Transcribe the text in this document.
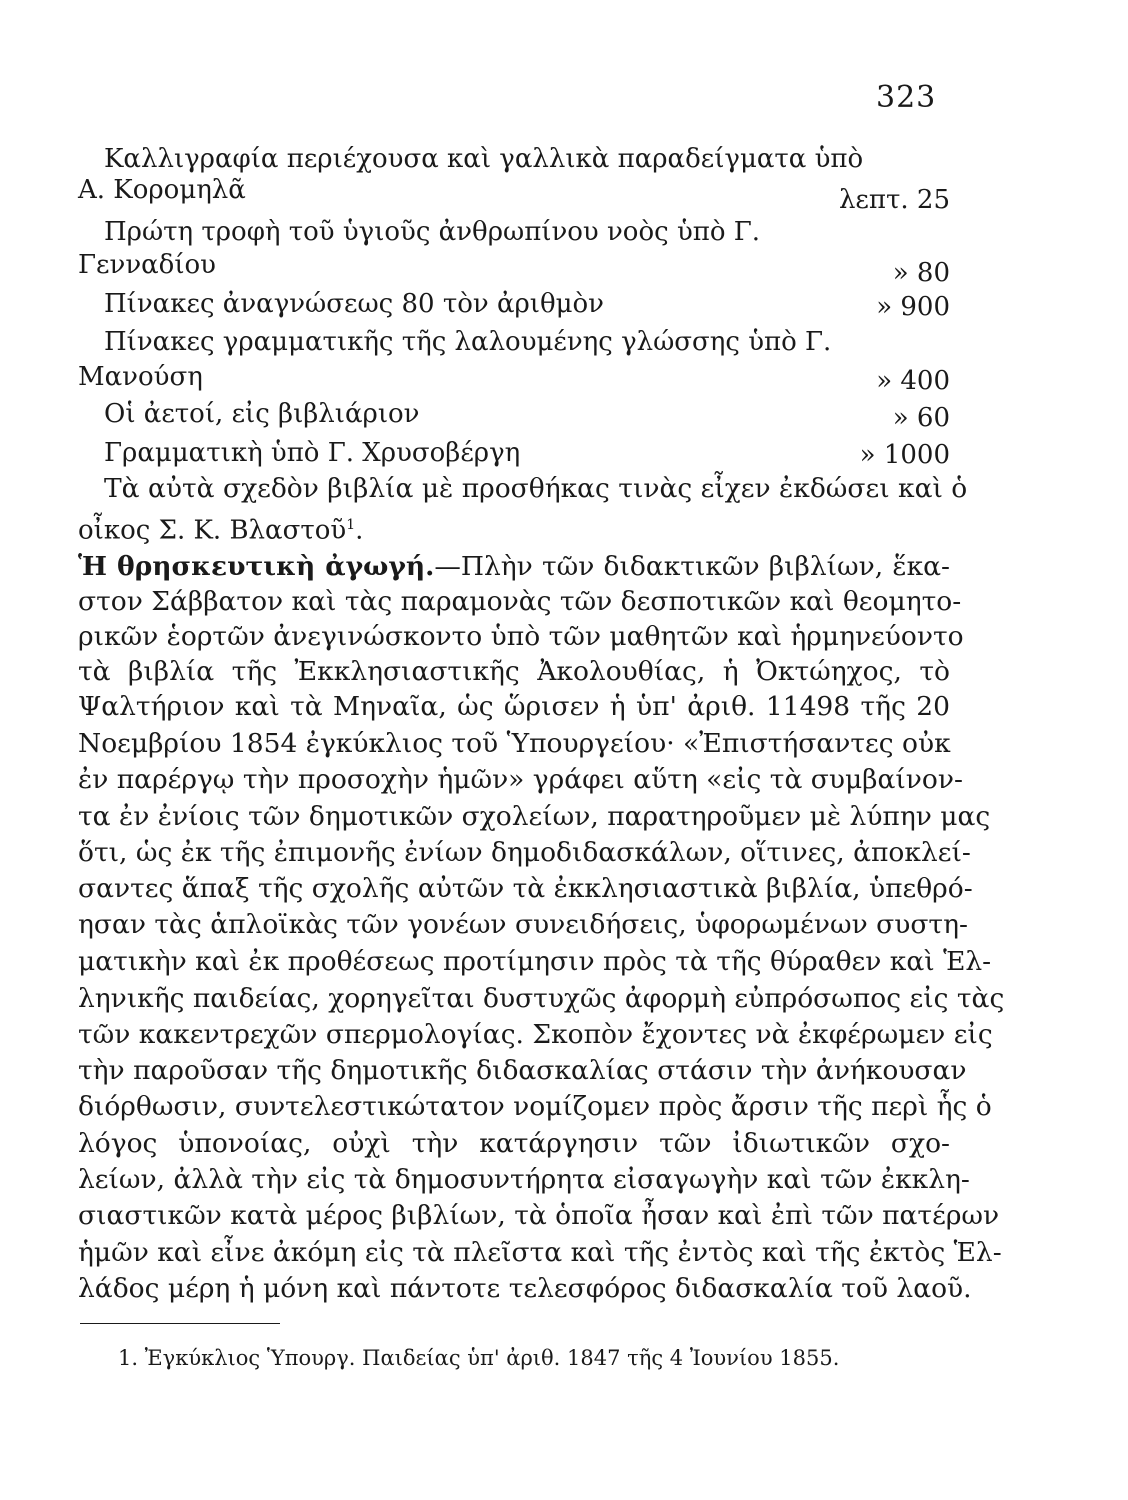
323
Καλλιγραφία περιέχουσα καὶ γαλλικὰ παραδείγματα ὑπὸ
Α. Κορομηλᾶ	λεπτ. 25
Πρώτη τροφὴ τοῦ ὑγιοῦς ἀνθρωπίνου νοὸς ὑπὸ Γ.
Γενναδίου	» 80
Πίνακες ἀναγνώσεως 80 τὸν ἀριθμὸν	» 900
Πίνακες γραμματικῆς τῆς λαλουμένης γλώσσης ὑπὸ Γ.
Μανούση	» 400
Οἱ ἀετοί, εἰς βιβλιάριον	» 60
Γραμματικὴ ὑπὸ Γ. Χρυσοβέργη	» 1000
Τὰ αὐτὰ σχεδὸν βιβλία μὲ προσθήκας τινὰς εἶχεν ἐκδώσει καὶ ὁ
οἶκος Σ. Κ. Βλαστοῦ$^1$.
Ἡ θρησκευτικὴ ἀγωγή.—Πλὴν τῶν διδακτικῶν βιβλίων, ἕκα-
στον Σάββατον καὶ τὰς παραμονὰς τῶν δεσποτικῶν καὶ θεομητο-
ρικῶν ἑορτῶν ἀνεγινώσκοντο ὑπὸ τῶν μαθητῶν καὶ ἡρμηνεύοντο
τὰ βιβλία τῆς Ἐκκλησιαστικῆς Ἀκολουθίας, ἡ Ὀκτώηχος, τὸ
Ψαλτήριον καὶ τὰ Μηναῖα, ὡς ὥρισεν ἡ ὑπ' ἀριθ. 11498 τῆς 20
Νοεμβρίου 1854 ἐγκύκλιος τοῦ Ὑπουργείου· «Ἐπιστήσαντες οὐκ
ἐν παρέργῳ τὴν προσοχὴν ἡμῶν» γράφει αὕτη «εἰς τὰ συμβαίνον-
τα ἐν ἐνίοις τῶν δημοτικῶν σχολείων, παρατηροῦμεν μὲ λύπην μας
ὅτι, ὡς ἐκ τῆς ἐπιμονῆς ἐνίων δημοδιδασκάλων, οἵτινες, ἀποκλεί-
σαντες ἅπαξ τῆς σχολῆς αὐτῶν τὰ ἐκκλησιαστικὰ βιβλία, ὑπεθρό-
ησαν τὰς ἁπλοϊκὰς τῶν γονέων συνειδήσεις, ὑφορωμένων συστη-
ματικὴν καὶ ἐκ προθέσεως προτίμησιν πρὸς τὰ τῆς θύραθεν καὶ Ἑλ-
ληνικῆς παιδείας, χορηγεῖται δυστυχῶς ἀφορμὴ εὐπρόσωπος εἰς τὰς
τῶν κακεντρεχῶν σπερμολογίας. Σκοπὸν ἔχοντες νὰ ἐκφέρωμεν εἰς
τὴν παροῦσαν τῆς δημοτικῆς διδασκαλίας στάσιν τὴν ἀνήκουσαν
διόρθωσιν, συντελεστικώτατον νομίζομεν πρὸς ἄρσιν τῆς περὶ ἧς ὁ
λόγος ὑπονοίας, οὐχὶ τὴν κατάργησιν τῶν ἰδιωτικῶν σχο-
λείων, ἀλλὰ τὴν εἰς τὰ δημοσυντήρητα εἰσαγωγὴν καὶ τῶν ἐκκλη-
σιαστικῶν κατὰ μέρος βιβλίων, τὰ ὁποῖα ἦσαν καὶ ἐπὶ τῶν πατέρων
ἡμῶν καὶ εἶνε ἀκόμη εἰς τὰ πλεῖστα καὶ τῆς ἐντὸς καὶ τῆς ἐκτὸς Ἑλ-
λάδος μέρη ἡ μόνη καὶ πάντοτε τελεσφόρος διδασκαλία τοῦ λαοῦ.
1. Ἐγκύκλιος Ὑπουργ. Παιδείας ὑπ' ἀριθ. 1847 τῆς 4 Ἰουνίου 1855.
